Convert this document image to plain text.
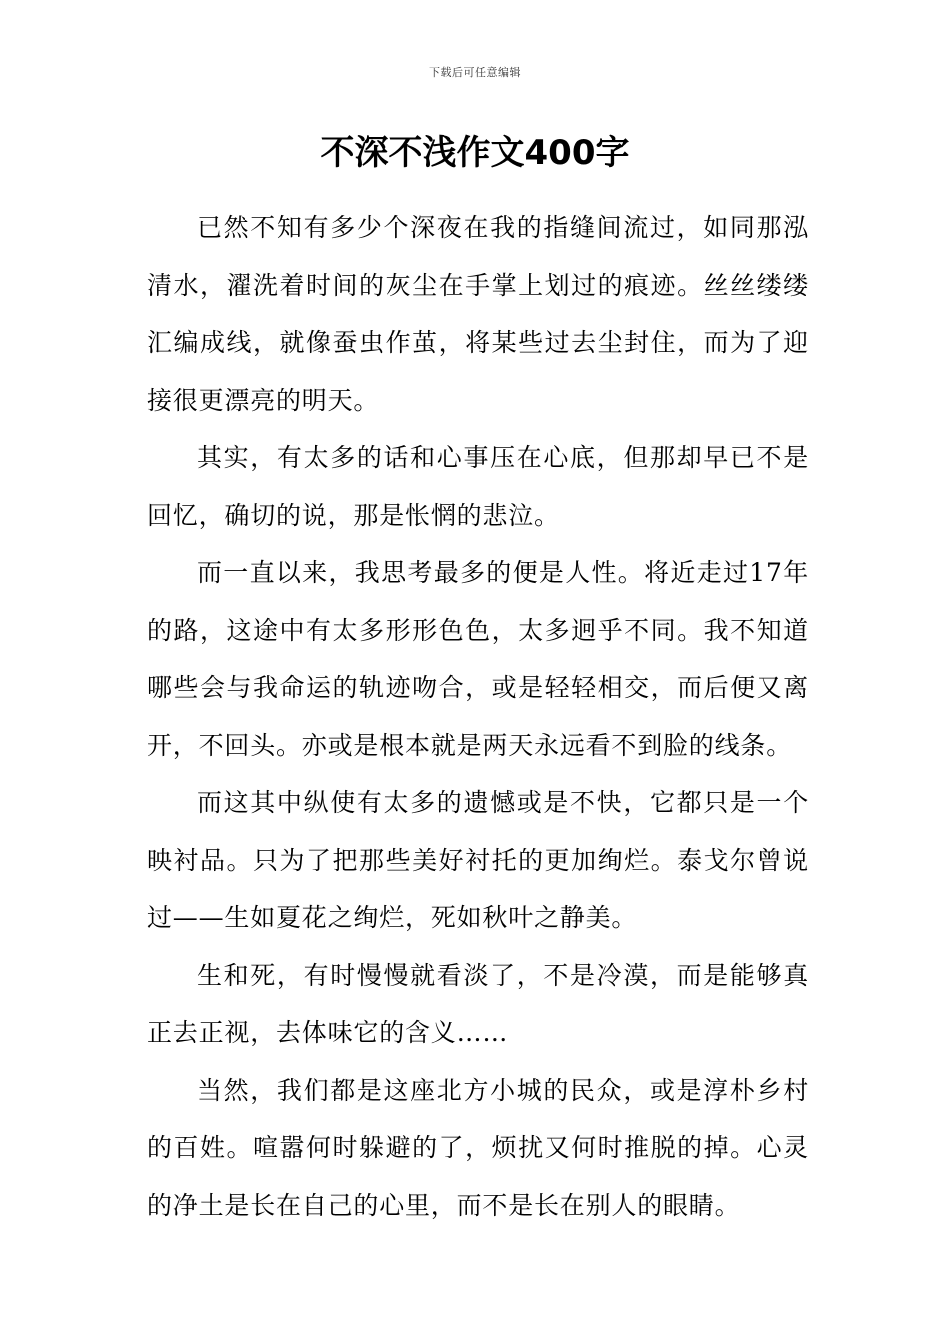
下载后可任意编辑
不深不浅作文400字

已然不知有多少个深夜在我的指缝间流过，如同那泓清水，濯洗着时间的灰尘在手掌上划过的痕迹。丝丝缕缕汇编成线，就像蚕虫作茧，将某些过去尘封住，而为了迎接很更漂亮的明天。

其实，有太多的话和心事压在心底，但那却早已不是回忆，确切的说，那是怅惘的悲泣。

而一直以来，我思考最多的便是人性。将近走过17年的路，这途中有太多形形色色，太多迥乎不同。我不知道哪些会与我命运的轨迹吻合，或是轻轻相交，而后便又离开，不回头。亦或是根本就是两天永远看不到脸的线条。

而这其中纵使有太多的遗憾或是不快，它都只是一个映衬品。只为了把那些美好衬托的更加绚烂。泰戈尔曾说过——生如夏花之绚烂，死如秋叶之静美。

生和死，有时慢慢就看淡了，不是冷漠，而是能够真正去正视，去体味它的含义……

当然，我们都是这座北方小城的民众，或是淳朴乡村的百姓。喧嚣何时躲避的了，烦扰又何时推脱的掉。心灵的净土是长在自己的心里，而不是长在别人的眼睛。
